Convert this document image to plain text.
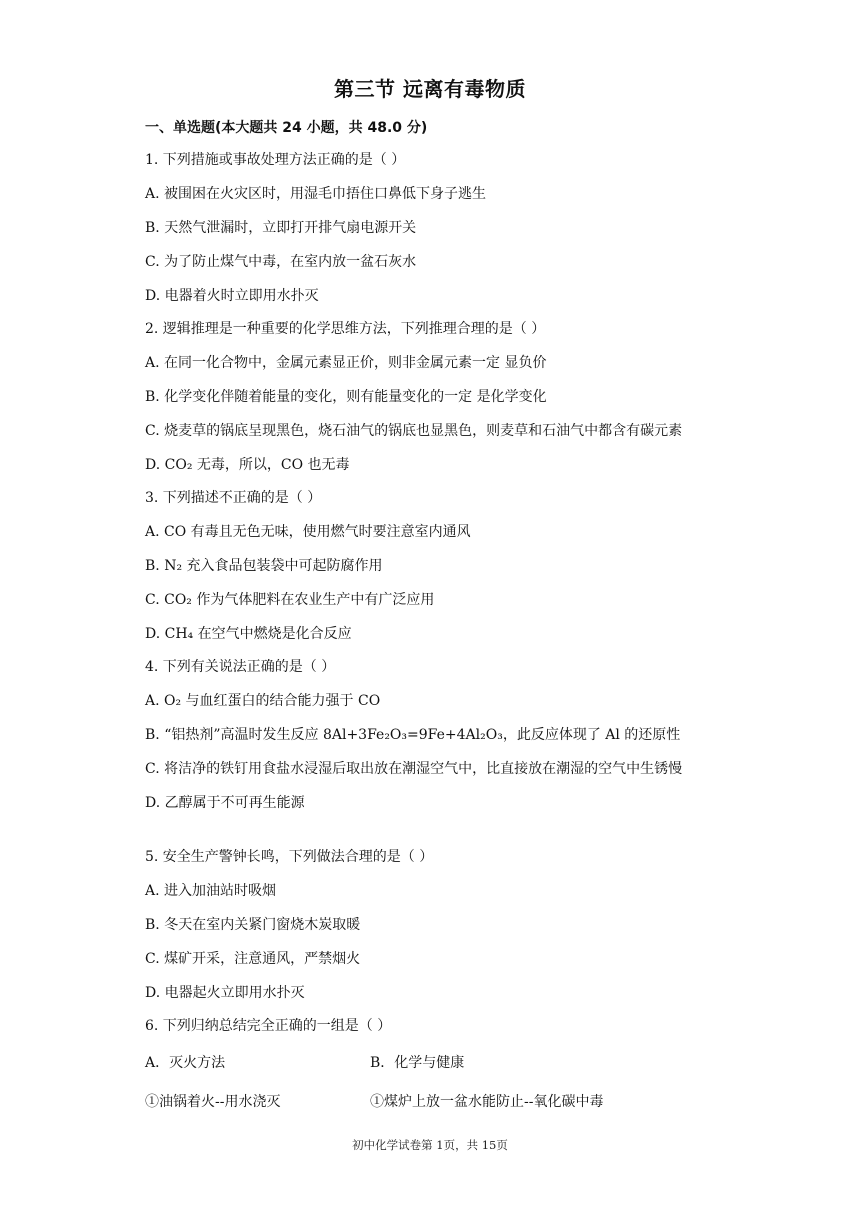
第三节 远离有毒物质
一、单选题(本大题共 24 小题，共 48.0 分)
1. 下列措施或事故处理方法正确的是（ ）
A. 被围困在火灾区时，用湿毛巾捂住口鼻低下身子逃生
B. 天然气泄漏时，立即打开排气扇电源开关
C. 为了防止煤气中毒，在室内放一盆石灰水
D. 电器着火时立即用水扑灭
2. 逻辑推理是一种重要的化学思维方法，下列推理合理的是（ ）
A. 在同一化合物中，金属元素显正价，则非金属元素一定 显负价
B. 化学变化伴随着能量的变化，则有能量变化的一定 是化学变化
C. 烧麦草的锅底呈现黑色，烧石油气的锅底也显黑色，则麦草和石油气中都含有碳元素
D. CO₂ 无毒，所以，CO 也无毒
3. 下列描述不正确的是（ ）
A. CO 有毒且无色无味，使用燃气时要注意室内通风
B. N₂ 充入食品包装袋中可起防腐作用
C. CO₂ 作为气体肥料在农业生产中有广泛应用
D. CH₄ 在空气中燃烧是化合反应
4. 下列有关说法正确的是（ ）
A. O₂ 与血红蛋白的结合能力强于 CO
B. “铝热剂”高温时发生反应 8Al+3Fe₂O₃=9Fe+4Al₂O₃，此反应体现了 Al 的还原性
C. 将洁净的铁钉用食盐水浸湿后取出放在潮湿空气中，比直接放在潮湿的空气中生锈慢
D. 乙醇属于不可再生能源
5. 安全生产警钟长鸣，下列做法合理的是（ ）
A. 进入加油站时吸烟
B. 冬天在室内关紧门窗烧木炭取暖
C. 煤矿开采，注意通风，严禁烟火
D. 电器起火立即用水扑灭
6. 下列归纳总结完全正确的一组是（ ）
A．灭火方法	B．化学与健康
①油锅着火--用水浇灭	①煤炉上放一盆水能防止--氧化碳中毒
初中化学试卷第 1页，共 15页
